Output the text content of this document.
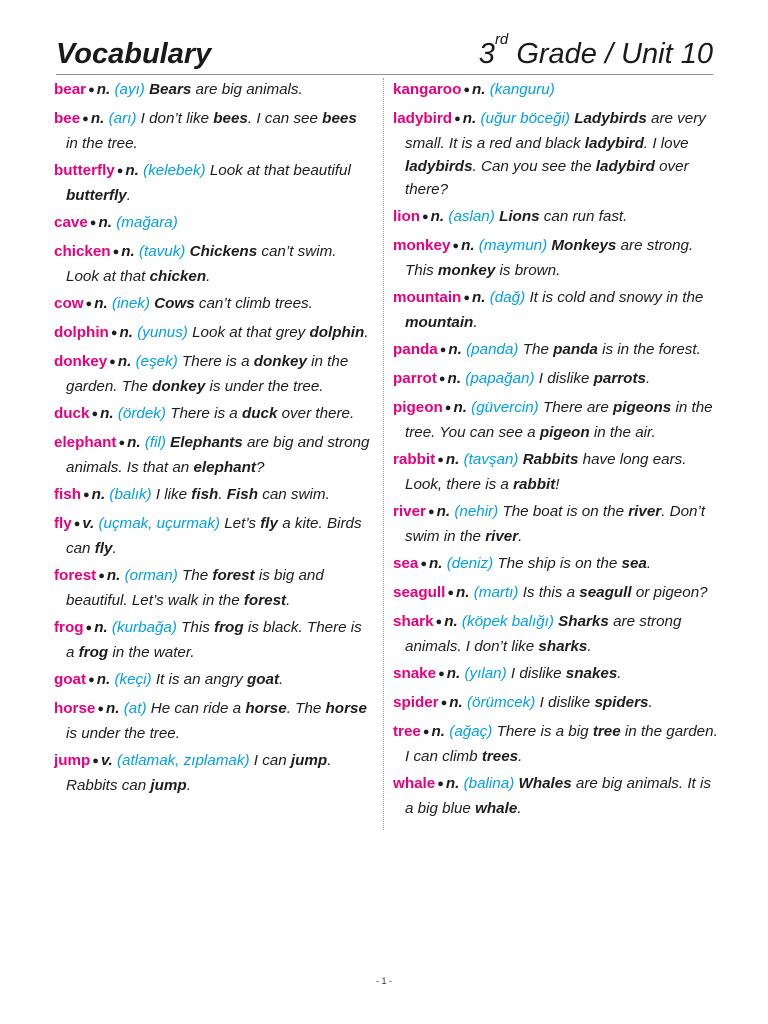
Vocabulary	3rd Grade / Unit 10

bear ● n. (ayı) Bears are big animals.

bee ● n. (arı) I don’t like bees. I can see bees in the tree.

butterfly ● n. (kelebek) Look at that beautiful butterfly.

cave ● n. (mağara)

chicken ● n. (tavuk) Chickens can’t swim. Look at that chicken.

cow ● n. (inek) Cows can’t climb trees.

dolphin ● n. (yunus) Look at that grey dolphin.

donkey ● n. (eşek) There is a donkey in the garden. The donkey is under the tree.

duck ● n. (ördek) There is a duck over there.

elephant ● n. (fil) Elephants are big and strong animals. Is that an elephant?

fish ● n. (balık) I like fish. Fish can swim.

fly ● v. (uçmak, uçurmak) Let’s fly a kite. Birds can fly.

forest ● n. (orman) The forest is big and beautiful. Let’s walk in the forest.

frog ● n. (kurbağa) This frog is black. There is a frog in the water.

goat ● n. (keçi) It is an angry goat.

horse ● n. (at) He can ride a horse. The horse is under the tree.

jump ● v. (atlamak, zıplamak) I can jump. Rabbits can jump.

kangaroo ● n. (kanguru)

ladybird ● n. (uğur böceği) Ladybirds are very small. It is a red and black ladybird. I love ladybirds. Can you see the ladybird over there?

lion ● n. (aslan) Lions can run fast.

monkey ● n. (maymun) Monkeys are strong. This monkey is brown.

mountain ● n. (dağ) It is cold and snowy in the mountain.

panda ● n. (panda) The panda is in the forest.

parrot ● n. (papağan) I dislike parrots.

pigeon ● n. (güvercin) There are pigeons in the tree. You can see a pigeon in the air.

rabbit ● n. (tavşan) Rabbits have long ears. Look, there is a rabbit!

river ● n. (nehir) The boat is on the river. Don’t swim in the river.

sea ● n. (deniz) The ship is on the sea.

seagull ● n. (martı) Is this a seagull or pigeon?

shark ● n. (köpek balığı) Sharks are strong animals. I don’t like sharks.

snake ● n. (yılan) I dislike snakes.

spider ● n. (örümcek) I dislike spiders.

tree ● n. (ağaç) There is a big tree in the garden. I can climb trees.

whale ● n. (balina) Whales are big animals. It is a big blue whale.

- 1 -
